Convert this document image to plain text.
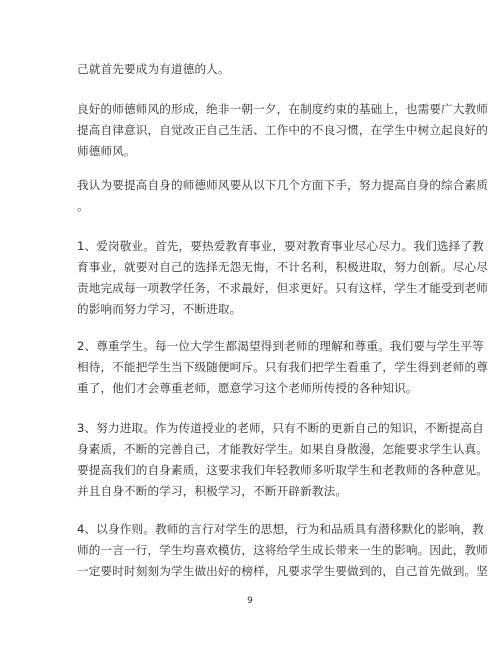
己就首先要成为有道德的人。

良好的师德师风的形成，绝非一朝一夕，在制度约束的基础上，也需要广大教师
提高自律意识，自觉改正自己生活、工作中的不良习惯，在学生中树立起良好的
师德师风。

我认为要提高自身的师德师风要从以下几个方面下手，努力提高自身的综合素质
。

1、爱岗敬业。首先，要热爱教育事业，要对教育事业尽心尽力。我们选择了教
育事业，就要对自己的选择无怨无悔，不计名利，积极进取，努力创新。尽心尽
责地完成每一项教学任务，不求最好，但求更好。只有这样，学生才能受到老师
的影响而努力学习，不断进取。

2、尊重学生。每一位大学生都渴望得到老师的理解和尊重。我们要与学生平等
相待，不能把学生当下级随便呵斥。只有我们把学生看重了，学生得到老师的尊
重了，他们才会尊重老师，愿意学习这个老师所传授的各种知识。

3、努力进取。作为传道授业的老师，只有不断的更新自己的知识，不断提高自
身素质，不断的完善自己，才能教好学生。如果自身散漫，怎能要求学生认真。
要提高我们的自身素质，这要求我们年轻教师多听取学生和老教师的各种意见。
并且自身不断的学习，积极学习，不断开辟新教法。

4、以身作则。教师的言行对学生的思想，行为和品质具有潜移默化的影响，教
师的一言一行，学生均喜欢模仿，这将给学生成长带来一生的影响。因此，教师
一定要时时刻刻为学生做出好的榜样，凡要求学生要做到的，自己首先做到。坚

9
